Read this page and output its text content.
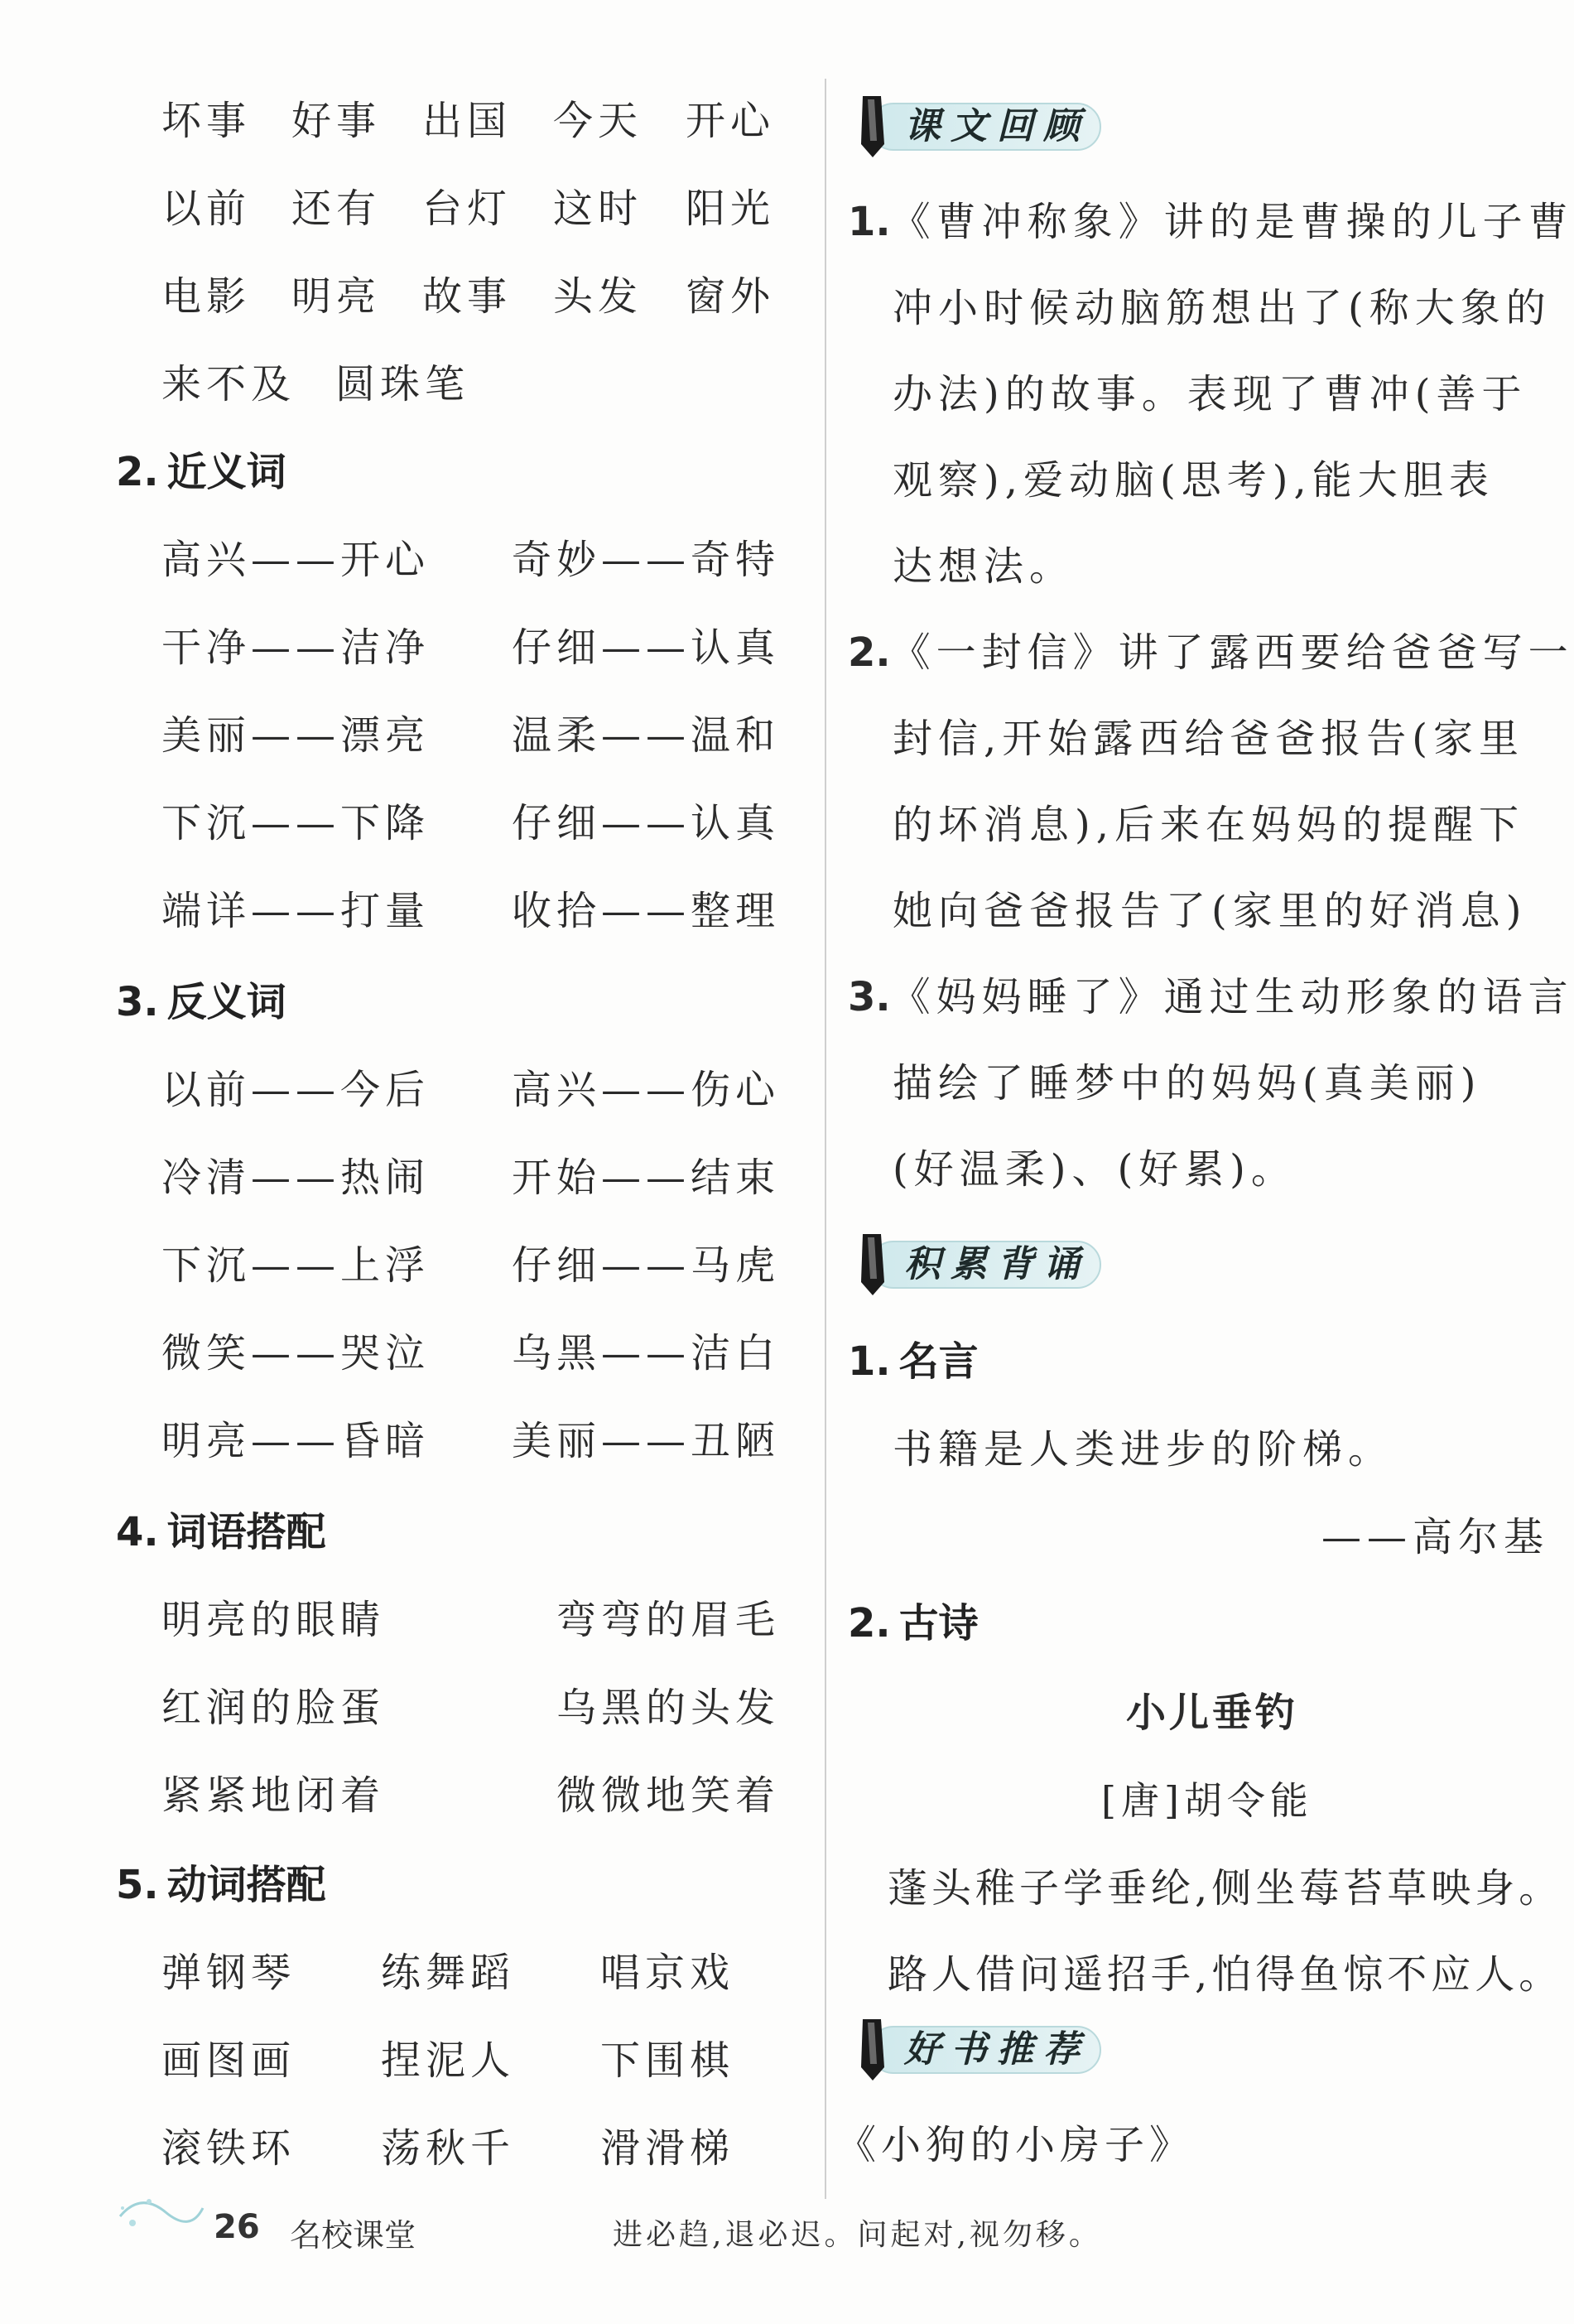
坏事 好事 出国 今天 开心
以前 还有 台灯 这时 阳光
电影 明亮 故事 头发 窗外
来不及 圆珠笔
2. 近义词
高兴——开心 奇妙——奇特
干净——洁净 仔细——认真
美丽——漂亮 温柔——温和
下沉——下降 仔细——认真
端详——打量 收拾——整理
3. 反义词
以前——今后 高兴——伤心
冷清——热闹 开始——结束
下沉——上浮 仔细——马虎
微笑——哭泣 乌黑——洁白
明亮——昏暗 美丽——丑陋
4. 词语搭配
明亮的眼睛	弯弯的眉毛
红润的脸蛋	乌黑的头发
紧紧地闭着	微微地笑着
5. 动词搭配
弹钢琴 练舞蹈 唱京戏
画图画 捏泥人 下围棋
滚铁环 荡秋千 滑滑梯
26 名校课堂	进必趋,退必迟。问起对,视勿移。
课文回顾
1.《曹冲称象》讲的是曹操的儿子曹
冲小时候动脑筋想出了(称大象的
办法)的故事。表现了曹冲(善于
观察),爱动脑(思考),能大胆表
达想法。
2.《一封信》讲了露西要给爸爸写一
封信,开始露西给爸爸报告(家里
的坏消息),后来在妈妈的提醒下
她向爸爸报告了(家里的好消息)
3.《妈妈睡了》通过生动形象的语言
描绘了睡梦中的妈妈(真美丽)
(好温柔)、(好累)。
积累背诵
1. 名言
书籍是人类进步的阶梯。
——高尔基
2. 古诗
小儿垂钓
[唐]胡令能
蓬头稚子学垂纶,侧坐莓苔草映身。
路人借问遥招手,怕得鱼惊不应人。
好书推荐
《小狗的小房子》
